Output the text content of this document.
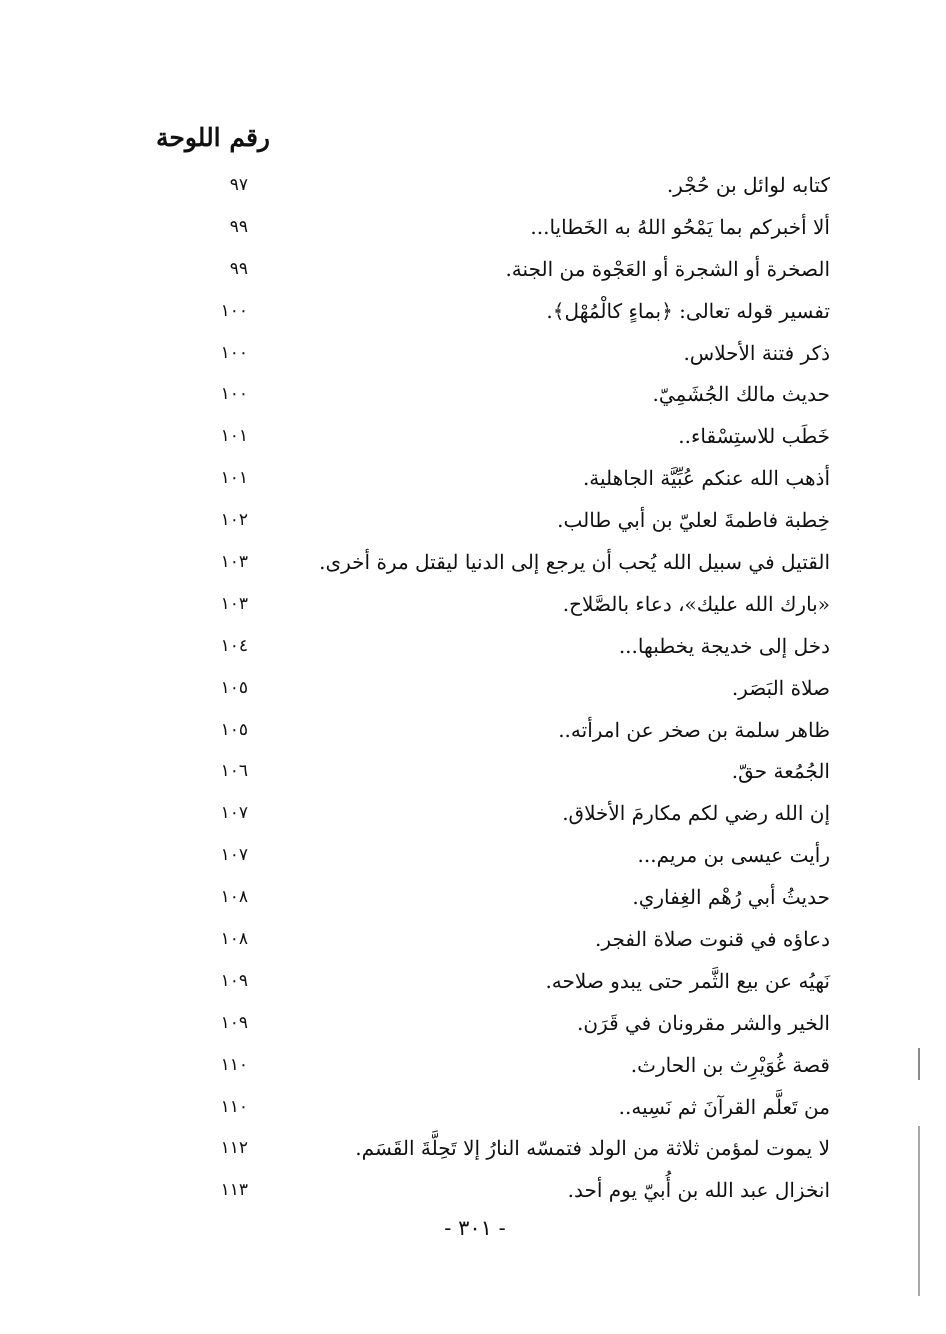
رقم اللوحة
كتابه لوائل بن حُجْر.
٩٧
ألا أخبركم بما يَمْحُو اللهُ به الخَطايا...
٩٩
الصخرة أو الشجرة أو العَجْوة من الجنة.
٩٩
تفسير قوله تعالى: ﴿بماءٍ كالْمُهْل﴾.
١٠٠
ذكر فتنة الأحلاس.
١٠٠
حديث مالك الجُشَمِيّ.
١٠٠
خَطَب للاستِسْقاء..
١٠١
أذهب الله عنكم عُبِّيَّة الجاهلية.
١٠١
خِطبة فاطمةَ لعليّ بن أبي طالب.
١٠٢
القتيل في سبيل الله يُحب أن يرجع إلى الدنيا ليقتل مرة أخرى.
١٠٣
«بارك الله عليك»، دعاء بالصَّلاح.
١٠٣
دخل إلى خديجة يخطبها...
١٠٤
صلاة البَصَر.
١٠٥
ظاهر سلمة بن صخر عن امرأته..
١٠٥
الجُمُعة حقّ.
١٠٦
إن الله رضي لكم مكارمَ الأخلاق.
١٠٧
رأيت عيسى بن مريم...
١٠٧
حديثُ أبي رُهْم الغِفاري.
١٠٨
دعاؤه في قنوت صلاة الفجر.
١٠٨
نَهيُه عن بيع الثَّمر حتى يبدو صلاحه.
١٠٩
الخير والشر مقرونان في قَرَن.
١٠٩
قصة غُوَيْرِث بن الحارث.
١١٠
من تَعلَّم القرآنَ ثم نَسِيه..
١١٠
لا يموت لمؤمن ثلاثة من الولد فتمسّه النارُ إلا تَحِلَّةَ القَسَم.
١١٢
انخزال عبد الله بن أُبيّ يوم أحد.
١١٣
- ٣٠١ -
